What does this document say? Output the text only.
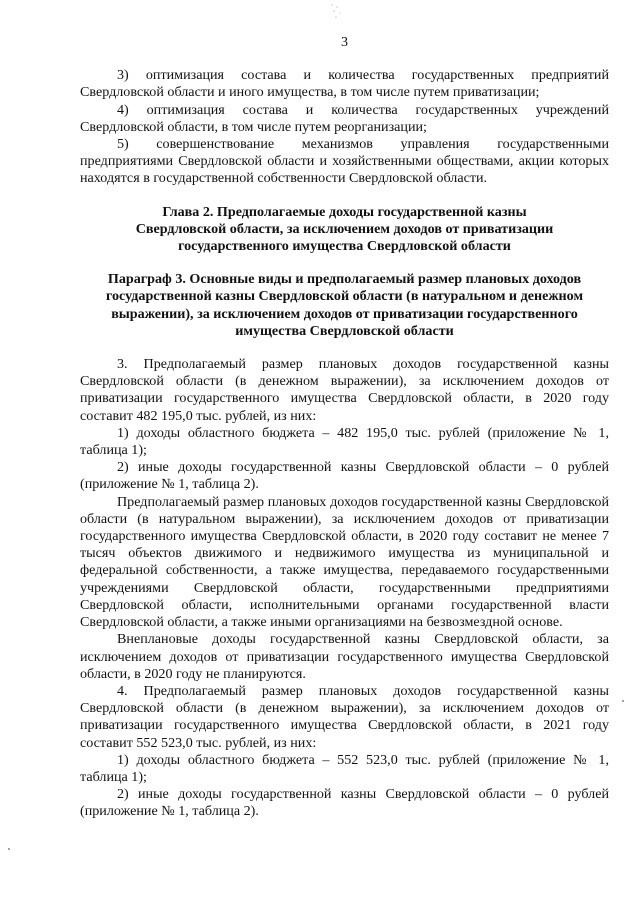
3

3) оптимизация состава и количества государственных предприятий Свердловской области и иного имущества, в том числе путем приватизации;

4) оптимизация состава и количества государственных учреждений Свердловской области, в том числе путем реорганизации;

5) совершенствование механизмов управления государственными предприятиями Свердловской области и хозяйственными обществами, акции которых находятся в государственной собственности Свердловской области.

Глава 2. Предполагаемые доходы государственной казны
Свердловской области, за исключением доходов от приватизации
государственного имущества Свердловской области
Параграф 3. Основные виды и предполагаемый размер плановых доходов
государственной казны Свердловской области (в натуральном и денежном
выражении), за исключением доходов от приватизации государственного
имущества Свердловской области

3. Предполагаемый размер плановых доходов государственной казны Свердловской области (в денежном выражении), за исключением доходов от приватизации государственного имущества Свердловской области, в 2020 году составит 482 195,0 тыс. рублей, из них:

1) доходы областного бюджета – 482 195,0 тыс. рублей (приложение № 1, таблица 1);

2) иные доходы государственной казны Свердловской области – 0 рублей (приложение № 1, таблица 2).

Предполагаемый размер плановых доходов государственной казны Свердловской области (в натуральном выражении), за исключением доходов от приватизации государственного имущества Свердловской области, в 2020 году составит не менее 7 тысяч объектов движимого и недвижимого имущества из муниципальной и федеральной собственности, а также имущества, передаваемого государственными учреждениями Свердловской области, государственными предприятиями Свердловской области, исполнительными органами государственной власти Свердловской области, а также иными организациями на безвозмездной основе.

Внеплановые доходы государственной казны Свердловской области, за исключением доходов от приватизации государственного имущества Свердловской области, в 2020 году не планируются.

4. Предполагаемый размер плановых доходов государственной казны Свердловской области (в денежном выражении), за исключением доходов от приватизации государственного имущества Свердловской области, в 2021 году составит 552 523,0 тыс. рублей, из них:

1) доходы областного бюджета – 552 523,0 тыс. рублей (приложение № 1, таблица 1);

2) иные доходы государственной казны Свердловской области – 0 рублей (приложение № 1, таблица 2).
